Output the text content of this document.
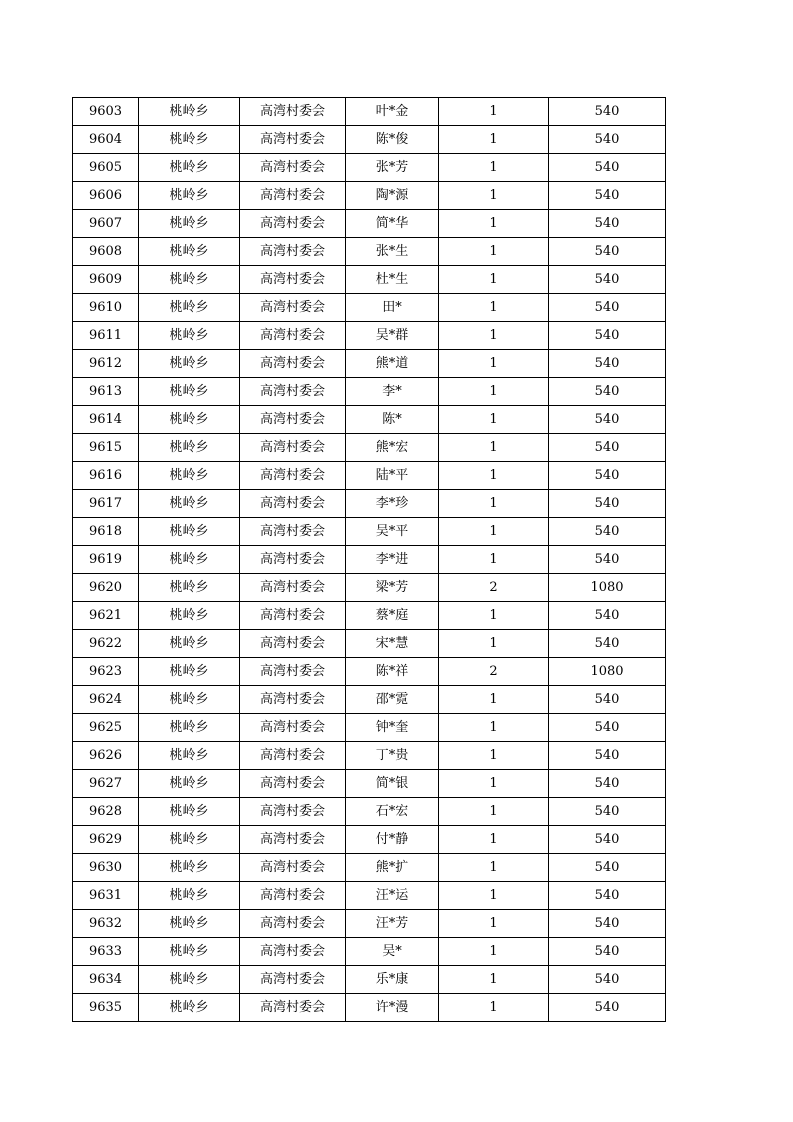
9603	桃岭乡	高湾村委会	叶*金	1	540
9604	桃岭乡	高湾村委会	陈*俊	1	540
9605	桃岭乡	高湾村委会	张*芳	1	540
9606	桃岭乡	高湾村委会	陶*源	1	540
9607	桃岭乡	高湾村委会	简*华	1	540
9608	桃岭乡	高湾村委会	张*生	1	540
9609	桃岭乡	高湾村委会	杜*生	1	540
9610	桃岭乡	高湾村委会	田*	1	540
9611	桃岭乡	高湾村委会	吴*群	1	540
9612	桃岭乡	高湾村委会	熊*道	1	540
9613	桃岭乡	高湾村委会	李*	1	540
9614	桃岭乡	高湾村委会	陈*	1	540
9615	桃岭乡	高湾村委会	熊*宏	1	540
9616	桃岭乡	高湾村委会	陆*平	1	540
9617	桃岭乡	高湾村委会	李*珍	1	540
9618	桃岭乡	高湾村委会	吴*平	1	540
9619	桃岭乡	高湾村委会	李*进	1	540
9620	桃岭乡	高湾村委会	梁*芳	2	1080
9621	桃岭乡	高湾村委会	蔡*庭	1	540
9622	桃岭乡	高湾村委会	宋*慧	1	540
9623	桃岭乡	高湾村委会	陈*祥	2	1080
9624	桃岭乡	高湾村委会	邵*霓	1	540
9625	桃岭乡	高湾村委会	钟*奎	1	540
9626	桃岭乡	高湾村委会	丁*贵	1	540
9627	桃岭乡	高湾村委会	简*银	1	540
9628	桃岭乡	高湾村委会	石*宏	1	540
9629	桃岭乡	高湾村委会	付*静	1	540
9630	桃岭乡	高湾村委会	熊*扩	1	540
9631	桃岭乡	高湾村委会	汪*运	1	540
9632	桃岭乡	高湾村委会	汪*芳	1	540
9633	桃岭乡	高湾村委会	吴*	1	540
9634	桃岭乡	高湾村委会	乐*康	1	540
9635	桃岭乡	高湾村委会	许*漫	1	540
